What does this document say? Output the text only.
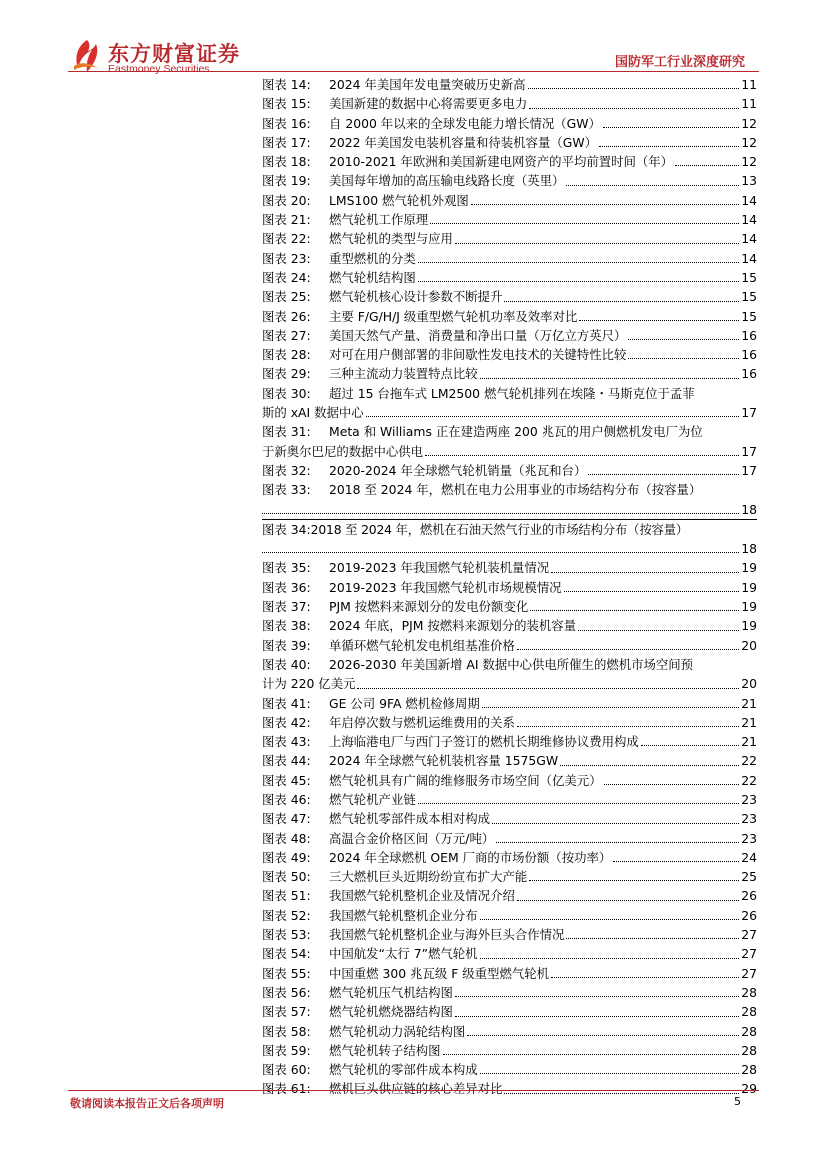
东方财富证券
Eastmoney Securities	国防军工行业深度研究
图表 14:	2024 年美国年发电量突破历史新高	11
图表 15:	美国新建的数据中心将需要更多电力	11
图表 16:	自 2000 年以来的全球发电能力增长情况（GW）	12
图表 17:	2022 年美国发电装机容量和待装机容量（GW）	12
图表 18:	2010-2021 年欧洲和美国新建电网资产的平均前置时间（年）	12
图表 19:	美国每年增加的高压输电线路长度（英里）	13
图表 20:	LMS100 燃气轮机外观图	14
图表 21:	燃气轮机工作原理	14
图表 22:	燃气轮机的类型与应用	14
图表 23:	重型燃机的分类	14
图表 24:	燃气轮机结构图	15
图表 25:	燃气轮机核心设计参数不断提升	15
图表 26:	主要 F/G/H/J 级重型燃气轮机功率及效率对比	15
图表 27:	美国天然气产量、消费量和净出口量（万亿立方英尺）	16
图表 28:	对可在用户侧部署的非间歇性发电技术的关键特性比较	16
图表 29:	三种主流动力装置特点比较	16
图表 30:	超过 15 台拖车式 LM2500 燃气轮机排列在埃隆・马斯克位于孟菲
斯的 xAI 数据中心	17
图表 31:	Meta 和 Williams 正在建造两座 200 兆瓦的用户侧燃机发电厂为位
于新奥尔巴尼的数据中心供电	17
图表 32:	2020-2024 年全球燃气轮机销量（兆瓦和台）	17
图表 33:	2018 至 2024 年，燃机在电力公用事业的市场结构分布（按容量）
18
图表 34: 2018 至 2024 年，燃机在石油天然气行业的市场结构分布（按容量）
18
图表 35:	2019-2023 年我国燃气轮机装机量情况	19
图表 36:	2019-2023 年我国燃气轮机市场规模情况	19
图表 37:	PJM 按燃料来源划分的发电份额变化	19
图表 38:	2024 年底，PJM 按燃料来源划分的装机容量	19
图表 39:	单循环燃气轮机发电机组基准价格	20
图表 40:	2026-2030 年美国新增 AI 数据中心供电所催生的燃机市场空间预
计为 220 亿美元	20
图表 41:	GE 公司 9FA 燃机检修周期	21
图表 42:	年启停次数与燃机运维费用的关系	21
图表 43:	上海临港电厂与西门子签订的燃机长期维修协议费用构成	21
图表 44:	2024 年全球燃气轮机装机容量 1575GW	22
图表 45:	燃气轮机具有广阔的维修服务市场空间（亿美元）	22
图表 46:	燃气轮机产业链	23
图表 47:	燃气轮机零部件成本相对构成	23
图表 48:	高温合金价格区间（万元/吨）	23
图表 49:	2024 年全球燃机 OEM 厂商的市场份额（按功率）	24
图表 50:	三大燃机巨头近期纷纷宣布扩大产能	25
图表 51:	我国燃气轮机整机企业及情况介绍	26
图表 52:	我国燃气轮机整机企业分布	26
图表 53:	我国燃气轮机整机企业与海外巨头合作情况	27
图表 54:	中国航发“太行 7”燃气轮机	27
图表 55:	中国重燃 300 兆瓦级 F 级重型燃气轮机	27
图表 56:	燃气轮机压气机结构图	28
图表 57:	燃气轮机燃烧器结构图	28
图表 58:	燃气轮机动力涡轮结构图	28
图表 59:	燃气轮机转子结构图	28
图表 60:	燃气轮机的零部件成本构成	28
图表 61:	燃机巨头供应链的核心差异对比	29
敬请阅读本报告正文后各项声明	5
